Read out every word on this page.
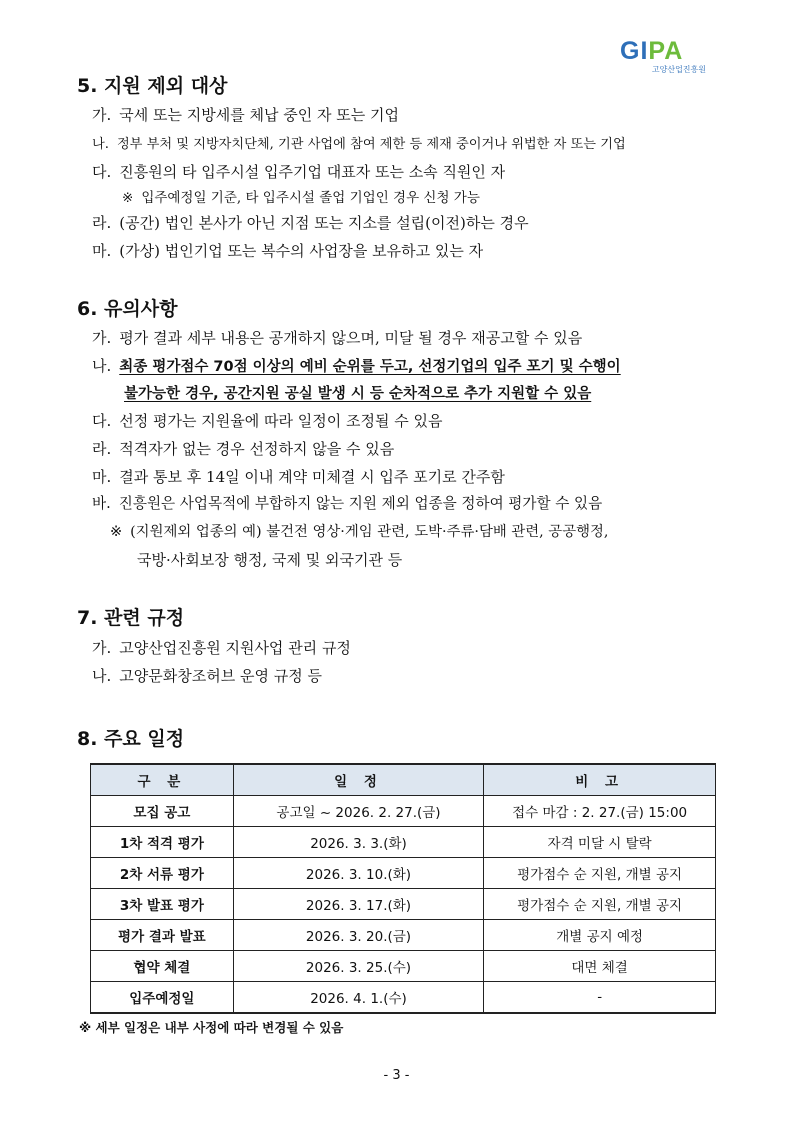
GIPA
고양산업진흥원
5. 지원 제외 대상
가. 국세 또는 지방세를 체납 중인 자 또는 기업
나. 정부 부처 및 지방자치단체, 기관 사업에 참여 제한 등 제재 중이거나 위법한 자 또는 기업
다. 진흥원의 타 입주시설 입주기업 대표자 또는 소속 직원인 자
※ 입주예정일 기준, 타 입주시설 졸업 기업인 경우 신청 가능
라. (공간) 법인 본사가 아닌 지점 또는 지소를 설립(이전)하는 경우
마. (가상) 법인기업 또는 복수의 사업장을 보유하고 있는 자
6. 유의사항
가. 평가 결과 세부 내용은 공개하지 않으며, 미달 될 경우 재공고할 수 있음
나. 최종 평가점수 70점 이상의 예비 순위를 두고, 선정기업의 입주 포기 및 수행이
불가능한 경우, 공간지원 공실 발생 시 등 순차적으로 추가 지원할 수 있음
다. 선정 평가는 지원율에 따라 일정이 조정될 수 있음
라. 적격자가 없는 경우 선정하지 않을 수 있음
마. 결과 통보 후 14일 이내 계약 미체결 시 입주 포기로 간주함
바. 진흥원은 사업목적에 부합하지 않는 지원 제외 업종을 정하여 평가할 수 있음
※ (지원제외 업종의 예) 불건전 영상·게임 관련, 도박·주류·담배 관련, 공공행정,
국방·사회보장 행정, 국제 및 외국기관 등
7. 관련 규정
가. 고양산업진흥원 지원사업 관리 규정
나. 고양문화창조허브 운영 규정 등
8. 주요 일정
구 분	일 정	비 고
모집 공고	공고일 ~ 2026. 2. 27.(금)	접수 마감 : 2. 27.(금) 15:00
1차 적격 평가	2026. 3. 3.(화)	자격 미달 시 탈락
2차 서류 평가	2026. 3. 10.(화)	평가점수 순 지원, 개별 공지
3차 발표 평가	2026. 3. 17.(화)	평가점수 순 지원, 개별 공지
평가 결과 발표	2026. 3. 20.(금)	개별 공지 예정
협약 체결	2026. 3. 25.(수)	대면 체결
입주예정일	2026. 4. 1.(수)	-
※ 세부 일정은 내부 사정에 따라 변경될 수 있음
- 3 -
